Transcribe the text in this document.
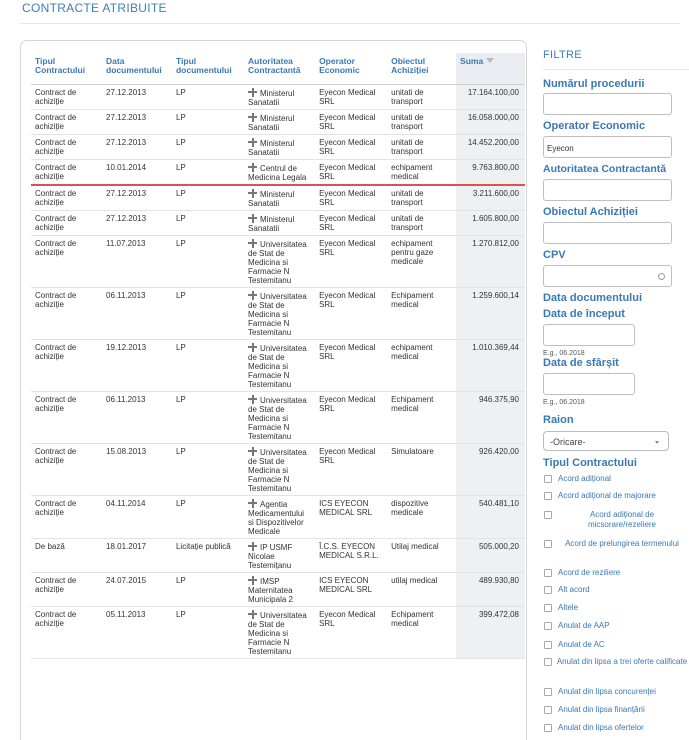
CONTRACTE ATRIBUITE
Tipul Contractului	Data documentului	Tipul documentului	Autoritatea Contractantă	Operator Economic	Obiectul Achiziției	Suma
Contract de achiziție	27.12.2013	LP	Ministerul Sanatatii	Eyecon Medical SRL	unitati de transport	17.164.100,00
Contract de achiziție	27.12.2013	LP	Ministerul Sanatatii	Eyecon Medical SRL	unitati de transport	16.058.000,00
Contract de achiziție	27.12.2013	LP	Ministerul Sanatatii	Eyecon Medical SRL	unitati de transport	14.452.200,00
Contract de achiziție	10.01.2014	LP	Centrul de Medicina Legala	Eyecon Medical SRL	echipament medical	9.763.800,00
Contract de achiziție	27.12.2013	LP	Ministerul Sanatatii	Eyecon Medical SRL	unitati de transport	3.211.600,00
Contract de achiziție	27.12.2013	LP	Ministerul Sanatatii	Eyecon Medical SRL	unitati de transport	1.605.800,00
Contract de achiziție	11.07.2013	LP	Universitatea de Stat de Medicina si Farmacie N Testemitanu	Eyecon Medical SRL	echipament pentru gaze medicale	1.270.812,00
Contract de achiziție	06.11.2013	LP	Universitatea de Stat de Medicina si Farmacie N Testemitanu	Eyecon Medical SRL	Echipament medical	1.259.600,14
Contract de achiziție	19.12.2013	LP	Universitatea de Stat de Medicina si Farmacie N Testemitanu	Eyecon Medical SRL	echipament medical	1.010.369,44
Contract de achiziție	06.11.2013	LP	Universitatea de Stat de Medicina si Farmacie N Testemitanu	Eyecon Medical SRL	Echipament medical	946.375,90
Contract de achiziție	15.08.2013	LP	Universitatea de Stat de Medicina si Farmacie N Testemitanu	Eyecon Medical SRL	Simulatoare	926.420,00
Contract de achiziție	04.11.2014	LP	Agentia Medicamentului si Dispozitivelor Medicale	ICS EYECON MEDICAL SRL	dispozitive medicale	540.481,10
De bază	18.01.2017	Licitație publică	IP USMF Nicolae Testemițanu	Î.C.S. EYECON MEDICAL S.R.L.	Utilaj medical	505.000,20
Contract de achiziție	24.07.2015	LP	IMSP Maternitatea Municipala 2	ICS EYECON MEDICAL SRL	utilaj medical	489.930,80
Contract de achiziție	05.11.2013	LP	Universitatea de Stat de Medicina si Farmacie N Testemitanu	Eyecon Medical SRL	Echipament medical	399.472,08
FILTRE
Numărul procedurii
Operator Economic
Eyecon
Autoritatea Contractantă
Obiectul Achiziției
CPV
Data documentului
Data de început
E.g., 06.2018
Data de sfârșit
E.g., 06.2018
Raion
-Oricare-
Tipul Contractului
Acord adițional
Acord adițional de majorare
Acord adițional de micsorare/rezeliere
Acord de prelungirea termenului
Acord de reziliere
Alt acord
Altele
Anulat de AAP
Anulat de AC
Anulat din lipsa a trei oferte calificate
Anulat din lipsa concurenței
Anulat din lipsa finanțării
Anulat din lipsa ofertelor
